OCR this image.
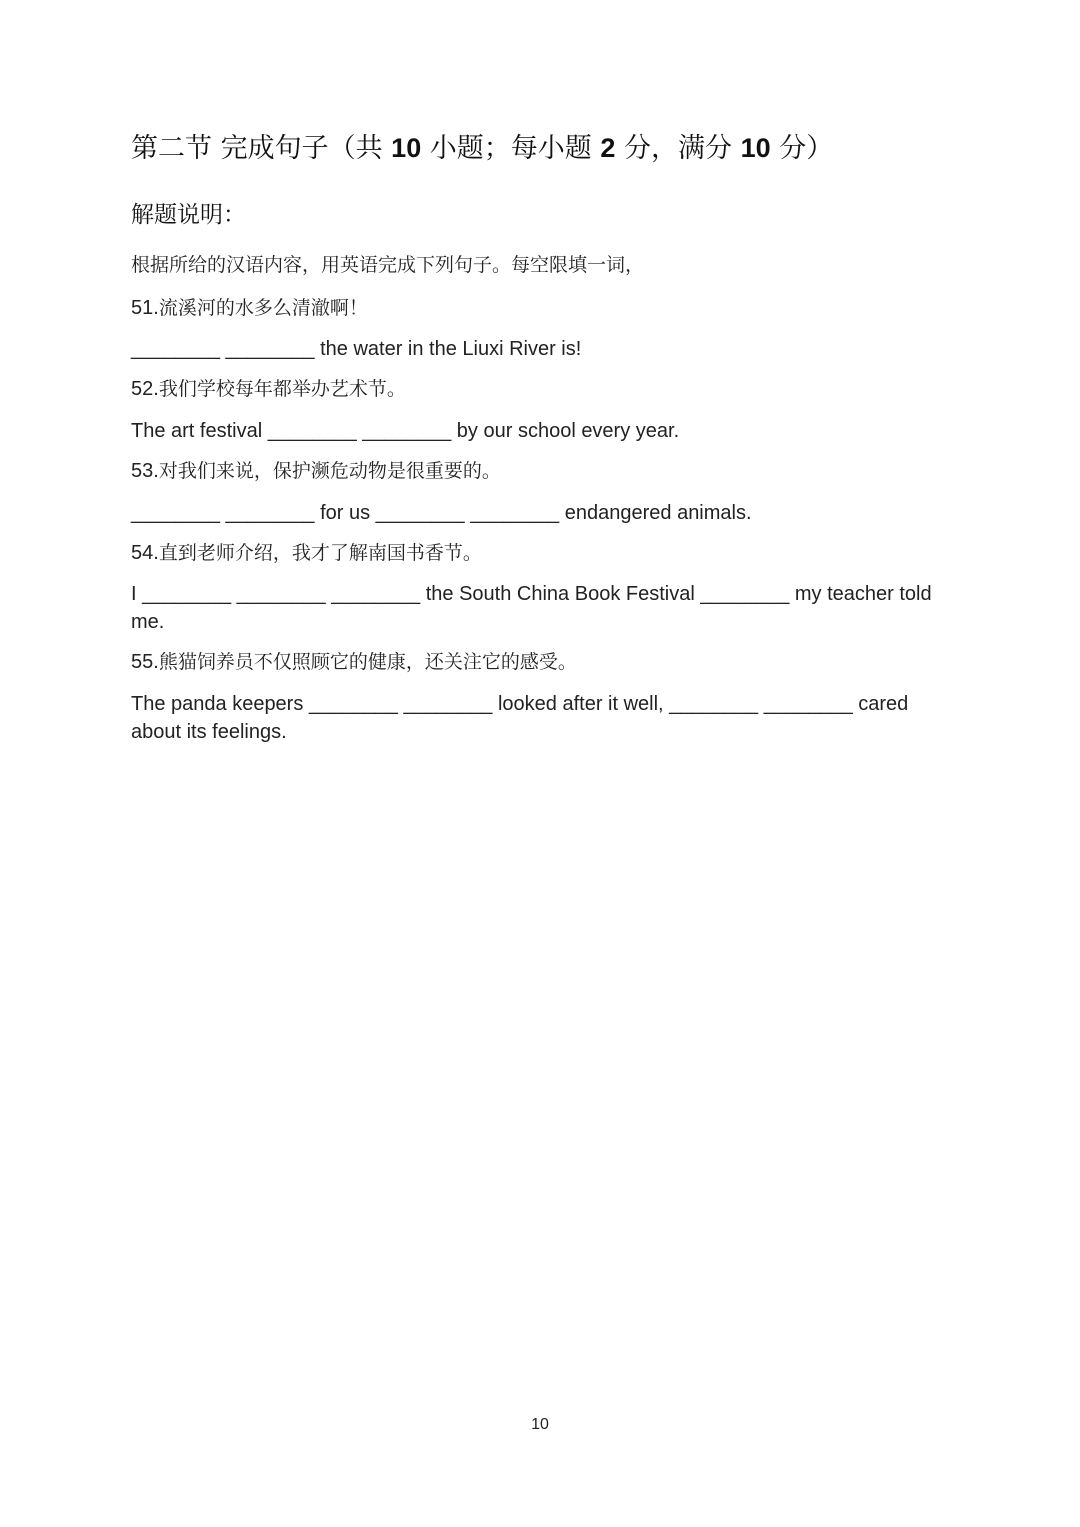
第二节 完成句子（共 10 小题；每小题 2 分，满分 10 分）
解题说明：
根据所给的汉语内容，用英语完成下列句子。每空限填一词，
51.流溪河的水多么清澈啊！
________ ________ the water in the Liuxi River is!
52.我们学校每年都举办艺术节。
The art festival ________ ________ by our school every year.
53.对我们来说，保护濒危动物是很重要的。
________ ________ for us ________ ________ endangered animals.
54.直到老师介绍，我才了解南国书香节。
I ________ ________ ________ the South China Book Festival ________ my teacher told me.
55.熊猫饲养员不仅照顾它的健康，还关注它的感受。
The panda keepers ________ ________ looked after it well, ________ ________ cared about its feelings.
10
